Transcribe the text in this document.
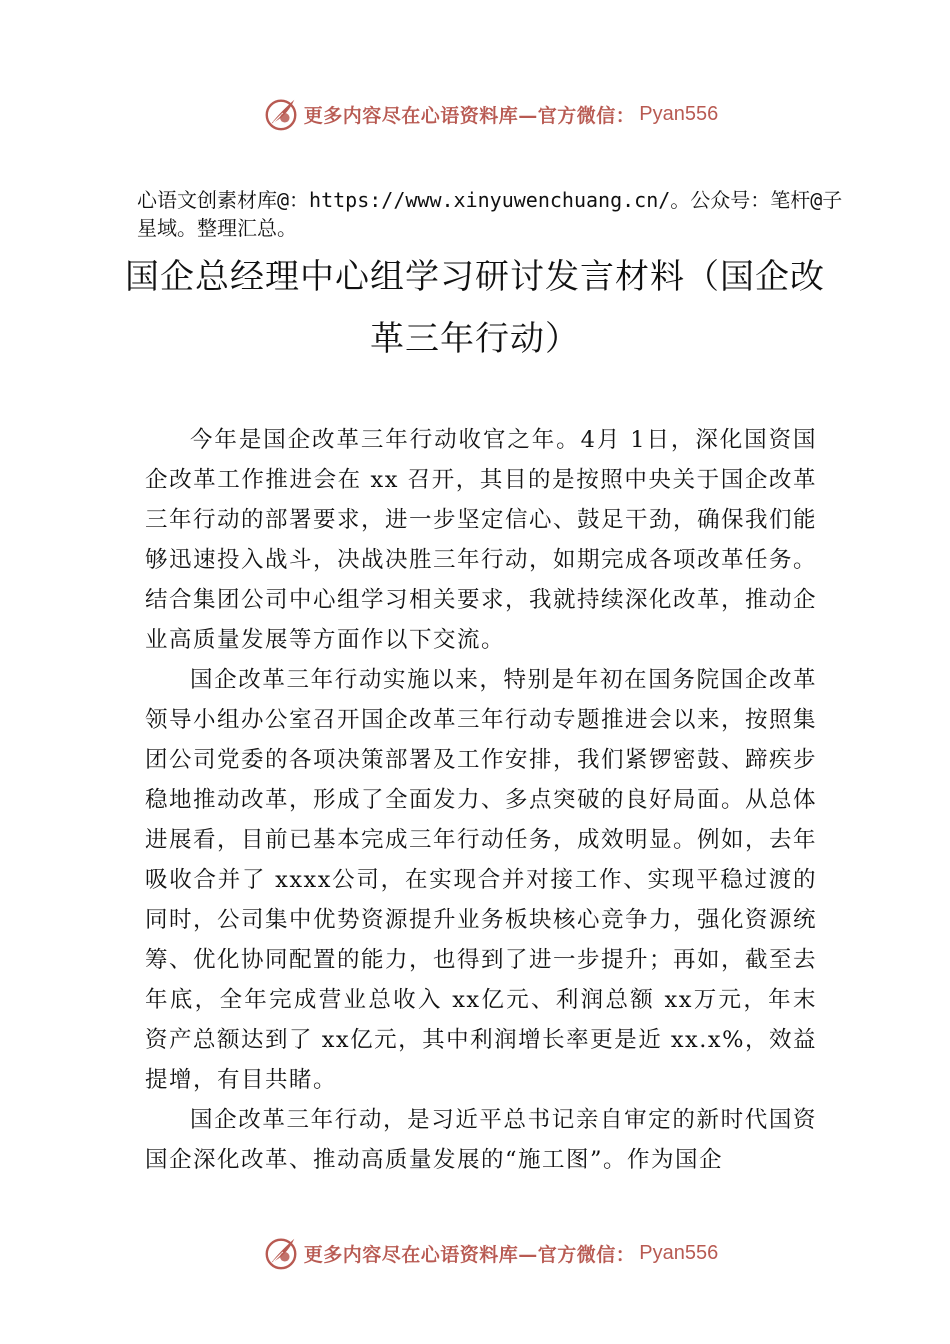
更多内容尽在心语资料库—官方微信： Pyan556
心语文创素材库@：https://www.xinyuwenchuang.cn/。公众号：笔杆@子星域。整理汇总。
国企总经理中心组学习研讨发言材料（国企改革三年行动）

今年是国企改革三年行动收官之年。4月 1日，深化国资国企改革工作推进会在 xx 召开，其目的是按照中央关于国企改革三年行动的部署要求，进一步坚定信心、鼓足干劲，确保我们能够迅速投入战斗，决战决胜三年行动，如期完成各项改革任务。结合集团公司中心组学习相关要求，我就持续深化改革，推动企业高质量发展等方面作以下交流。

国企改革三年行动实施以来，特别是年初在国务院国企改革领导小组办公室召开国企改革三年行动专题推进会以来，按照集团公司党委的各项决策部署及工作安排，我们紧锣密鼓、蹄疾步稳地推动改革，形成了全面发力、多点突破的良好局面。从总体进展看，目前已基本完成三年行动任务，成效明显。例如，去年吸收合并了 xxxx公司，在实现合并对接工作、实现平稳过渡的同时，公司集中优势资源提升业务板块核心竞争力，强化资源统筹、优化协同配置的能力，也得到了进一步提升；再如，截至去年底，全年完成营业总收入 xx亿元、利润总额 xx万元，年末资产总额达到了 xx亿元，其中利润增长率更是近 xx.x%，效益提增，有目共睹。

国企改革三年行动，是习近平总书记亲自审定的新时代国资国企深化改革、推动高质量发展的“施工图”。作为国企

更多内容尽在心语资料库—官方微信： Pyan556
